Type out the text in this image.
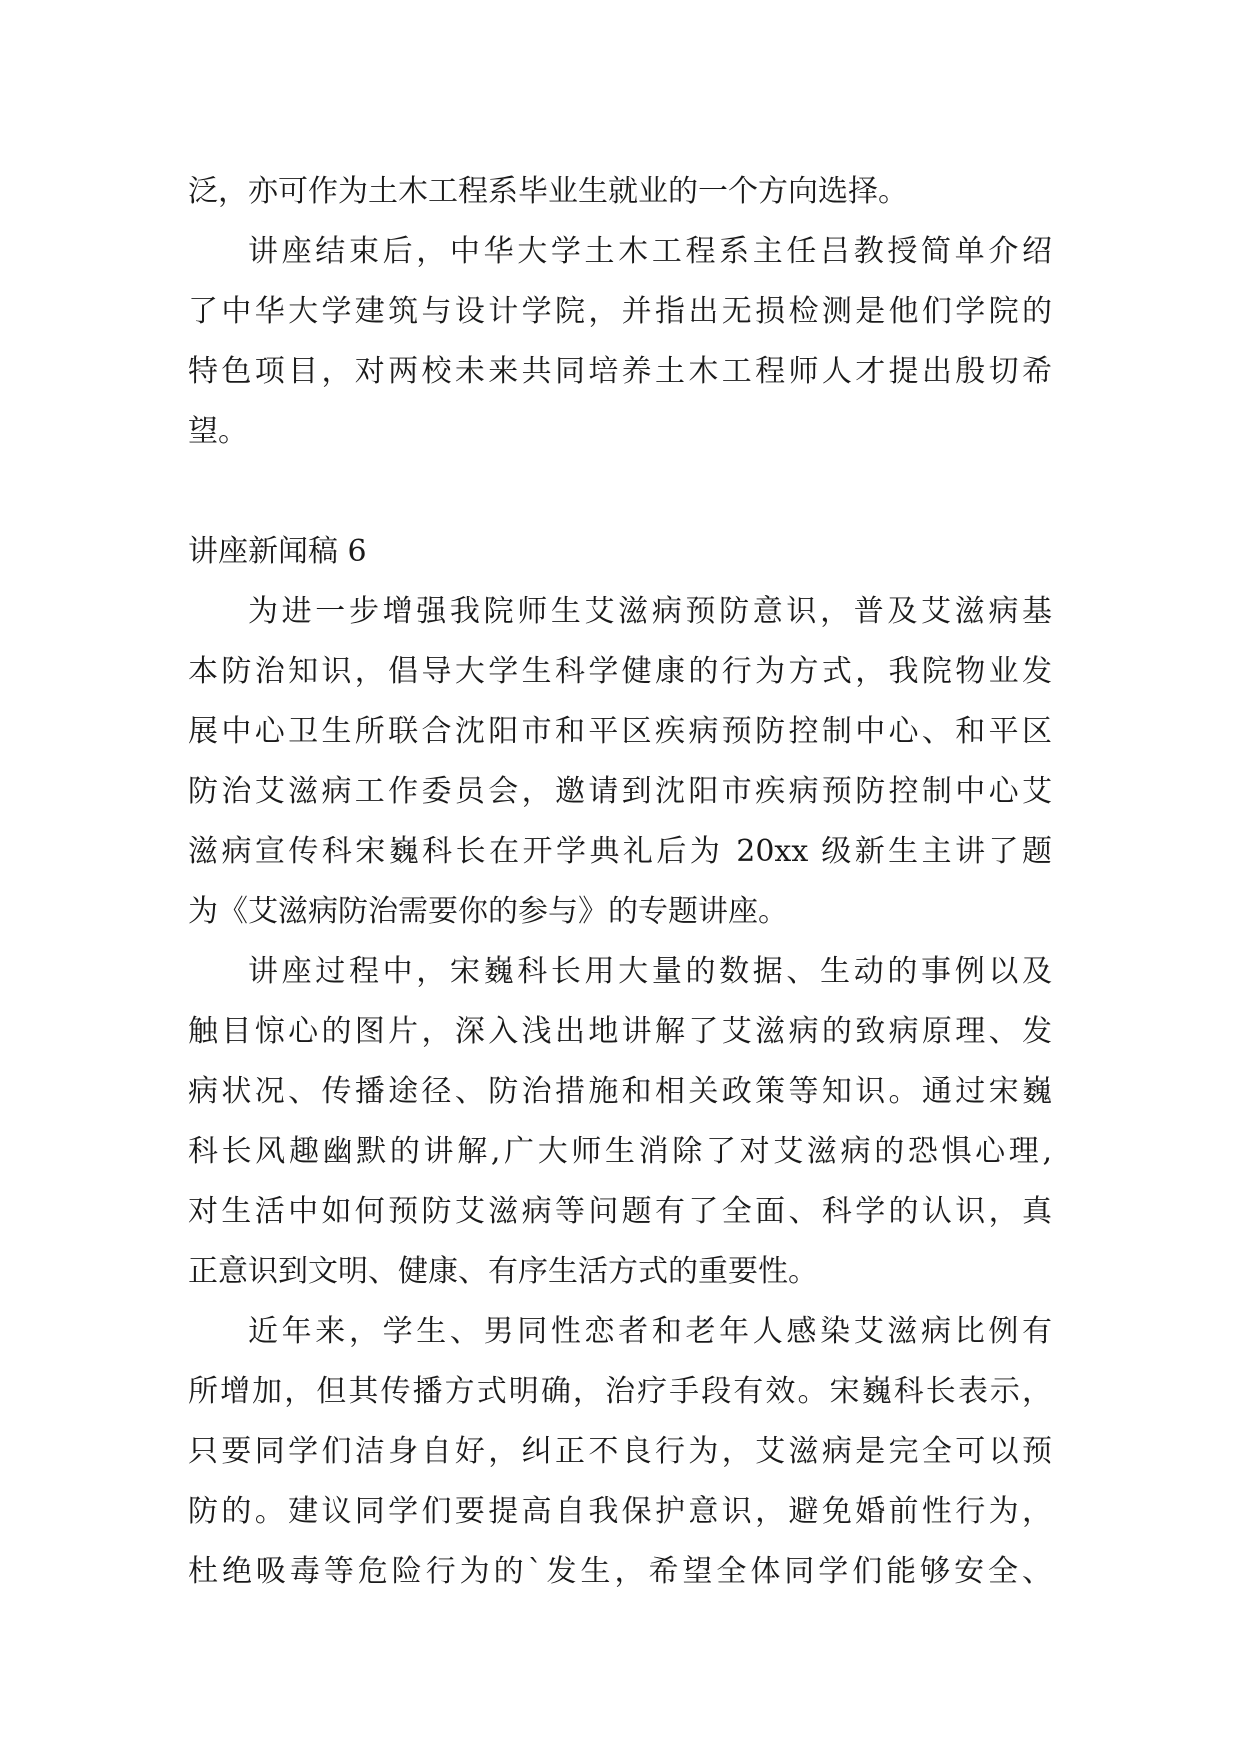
泛，亦可作为土木工程系毕业生就业的一个方向选择。
讲座结束后，中华大学土木工程系主任吕教授简单介绍
了中华大学建筑与设计学院，并指出无损检测是他们学院的
特色项目，对两校未来共同培养土木工程师人才提出殷切希
望。
讲座新闻稿 6
为进一步增强我院师生艾滋病预防意识，普及艾滋病基
本防治知识，倡导大学生科学健康的行为方式，我院物业发
展中心卫生所联合沈阳市和平区疾病预防控制中心、和平区
防治艾滋病工作委员会，邀请到沈阳市疾病预防控制中心艾
滋病宣传科宋巍科长在开学典礼后为 20xx 级新生主讲了题
为《艾滋病防治需要你的参与》的专题讲座。
讲座过程中，宋巍科长用大量的数据、生动的事例以及
触目惊心的图片，深入浅出地讲解了艾滋病的致病原理、发
病状况、传播途径、防治措施和相关政策等知识。通过宋巍
科长风趣幽默的讲解,广大师生消除了对艾滋病的恐惧心理,
对生活中如何预防艾滋病等问题有了全面、科学的认识，真
正意识到文明、健康、有序生活方式的重要性。
近年来，学生、男同性恋者和老年人感染艾滋病比例有
所增加，但其传播方式明确，治疗手段有效。宋巍科长表示，
只要同学们洁身自好，纠正不良行为，艾滋病是完全可以预
防的。建议同学们要提高自我保护意识，避免婚前性行为，
杜绝吸毒等危险行为的`发生，希望全体同学们能够安全、
